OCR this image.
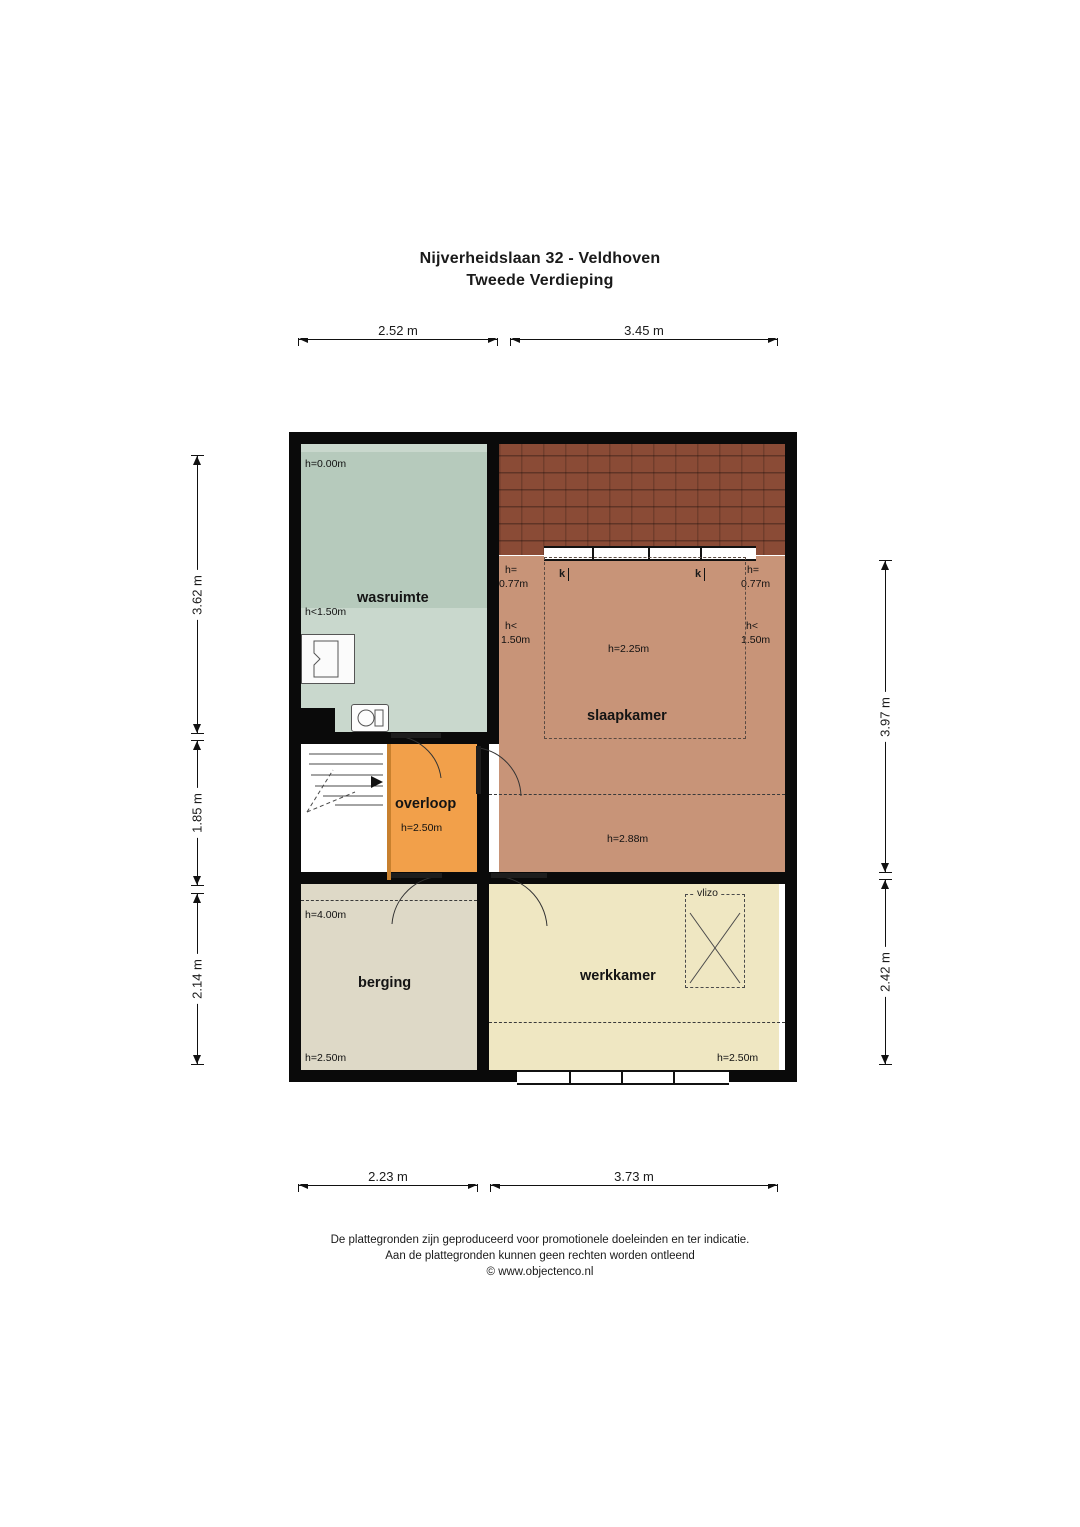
Nijverheidslaan 32 - Veldhoven
Tweede Verdieping
2.52 m	3.45 m
3.62 m
1.85 m
2.14 m
3.97 m
2.42 m
2.23 m	3.73 m
wasruimte
slaapkamer
overloop
berging	werkkamer
h=0.00m
h<1.50m
h=
0.77m
h=
0.77m
h<
1.50m
h<
1.50m
h=2.25m
h=2.88m
h=2.50m
h=4.00m
h=2.50m	h=2.50m
k	k
vlizo
De plattegronden zijn geproduceerd voor promotionele doeleinden en ter indicatie.
Aan de plattegronden kunnen geen rechten worden ontleend
© www.objectenco.nl
